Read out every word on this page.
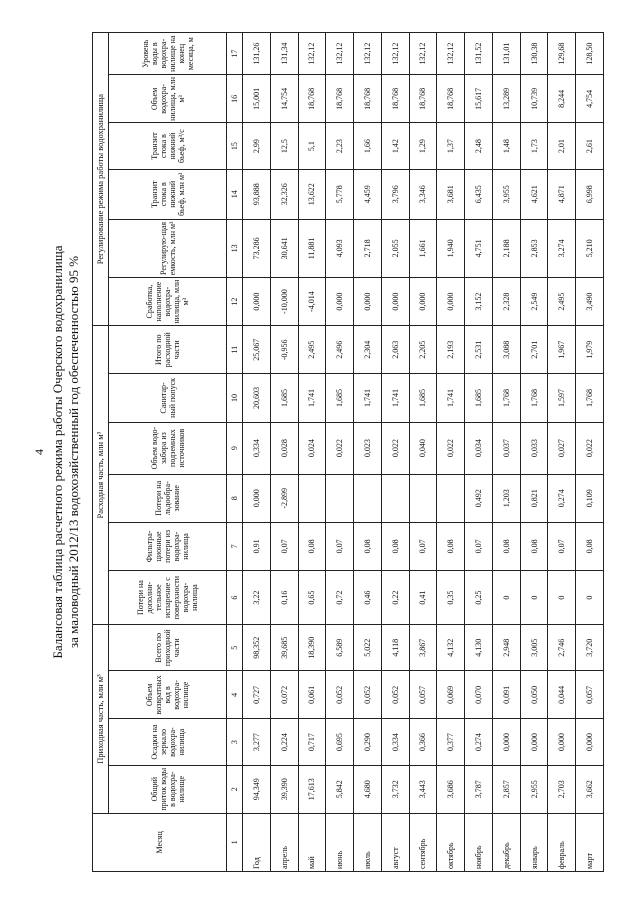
4 Балансовая таблица расчетного режима работы Очерского водохранилища за маловодный 2012/13 водохозяйственный год обеспеченностью 95 %
Месяц	Приходная часть, млн м³				Расходная часть, млн м³						Регулирование режима работы водохранилища					
	Общий приток воды в водохра-нилище	Осадки на зеркало водохра-нилища	Объем возвратных вод в водохра-нилище	Всего по приходной части	Потери на дополни-тельное испарение с поверхности водохра-нилища	Фильтра-ционные потери из водохра-нилища	Потери на льдообра-зование	Объем водо-забора из подземных источников	Санитар-ный попуск	Итого по расходной части	Сработка, наполнение водохра-нилища, млн м³	Регулирую-щая емкость, млн м³	Транзит стока в нижний бьеф, млн м³	Транзит стока в нижний бьеф, м³/с	Объем водохра-нилища, млн м³	Уровень воды в водохра-нилище на конец месяца, м
1	2	3	4	5	6	7	8	9	10	11	12	13	14	15	16	17
Год	94,349	3,277	0,727	98,352	3,22	0,91	0,000	0,334	20,603	25,067	0,000	73,286	93,888	2,99	15,001	131,26
апрель	39,390	0,224	0,072	39,685	0,16	0,07	-2,899	0,028	1,685	-0,956	-10,000	30,641	32,326	12,5	14,754	131,34
май	17,613	0,717	0,061	18,390	0,65	0,08		0,024	1,741	2,495	-4,014	11,881	13,622	5,1	18,768	132,12
июнь	5,842	0,695	0,052	6,589	0,72	0,07		0,022	1,685	2,496	0,000	4,093	5,778	2,23	18,768	132,12
июль	4,680	0,290	0,052	5,022	0,46	0,08		0,023	1,741	2,304	0,000	2,718	4,459	1,66	18,768	132,12
август	3,732	0,334	0,052	4,118	0,22	0,08		0,022	1,741	2,063	0,000	2,055	3,796	1,42	18,768	132,12
сентябрь	3,443	0,366	0,057	3,867	0,41	0,07		0,040	1,685	2,205	0,000	1,661	3,346	1,29	18,768	132,12
октябрь	3,686	0,377	0,069	4,132	0,35	0,08		0,022	1,741	2,193	0,000	1,940	3,681	1,37	18,768	132,12
ноябрь	3,787	0,274	0,070	4,130	0,25	0,07	0,492	0,034	1,685	2,531	3,152	4,751	6,435	2,48	15,617	131,52
декабрь	2,857	0,000	0,091	2,948	0	0,08	1,203	0,037	1,768	3,088	2,328	2,188	3,955	1,48	13,289	131,01
январь	2,955	0,000	0,050	3,005	0	0,08	0,821	0,033	1,768	2,701	2,549	2,853	4,621	1,73	10,739	130,38
февраль	2,703	0,000	0,044	2,746	0	0,07	0,274	0,027	1,597	1,967	2,495	3,274	4,871	2,01	8,244	129,68
март	3,662	0,000	0,057	3,720	0	0,08	0,109	0,022	1,768	1,979	3,490	5,210	6,998	2,61	4,754	128,50
